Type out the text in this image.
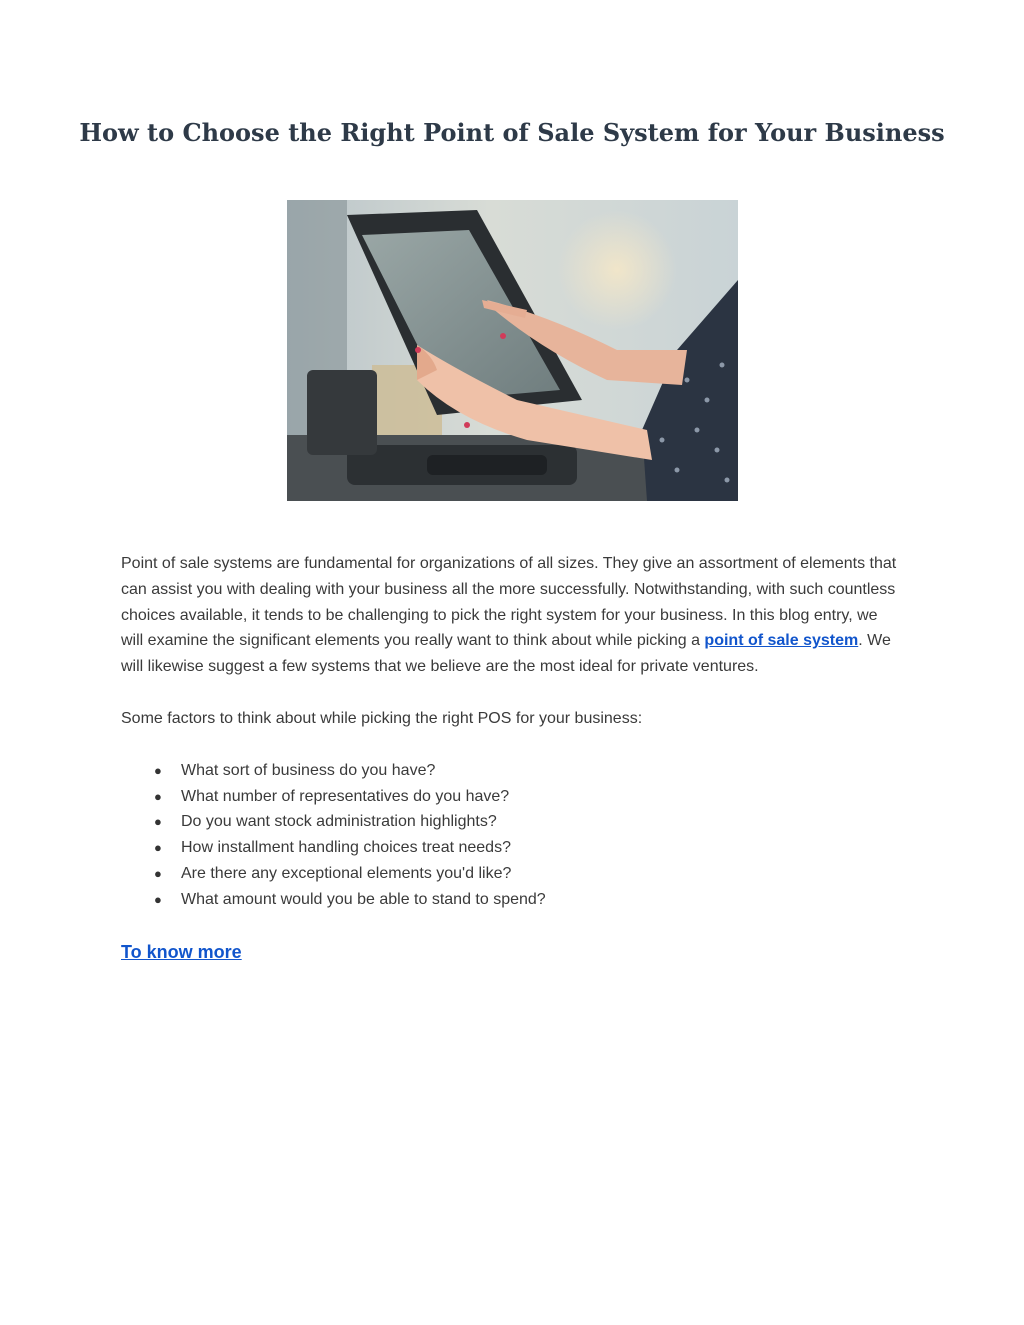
How to Choose the Right Point of Sale System for Your Business

Point of sale systems are fundamental for organizations of all sizes. They give an assortment of elements that can assist you with dealing with your business all the more successfully. Notwithstanding, with such countless choices available, it tends to be challenging to pick the right system for your business. In this blog entry, we will examine the significant elements you really want to think about while picking a point of sale system. We will likewise suggest a few systems that we believe are the most ideal for private ventures.

Some factors to think about while picking the right POS for your business:

● What sort of business do you have?
● What number of representatives do you have?
● Do you want stock administration highlights?
● How installment handling choices treat needs?
● Are there any exceptional elements you'd like?
● What amount would you be able to stand to spend?
To know more
